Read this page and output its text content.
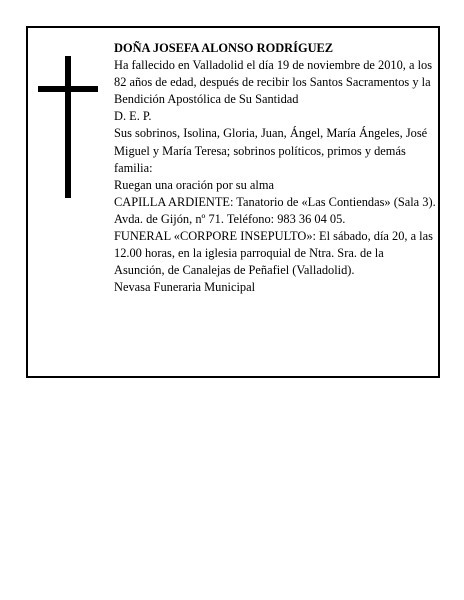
DOÑA JOSEFA ALONSO RODRÍGUEZ

Ha fallecido en Valladolid el día 19 de noviembre de 2010, a los 82 años de edad, después de recibir los Santos Sacramentos y la Bendición Apostólica de Su Santidad

D. E. P.

Sus sobrinos, Isolina, Gloria, Juan, Ángel, María Ángeles, José Miguel y María Teresa; sobrinos políticos, primos y demás familia:

Ruegan una oración por su alma

CAPILLA ARDIENTE: Tanatorio de «Las Contiendas» (Sala 3). Avda. de Gijón, nº 71. Teléfono: 983 36 04 05.

FUNERAL «CORPORE INSEPULTO»: El sábado, día 20, a las 12.00 horas, en la iglesia parroquial de Ntra. Sra. de la Asunción, de Canalejas de Peñafiel (Valladolid).

Nevasa Funeraria Municipal
